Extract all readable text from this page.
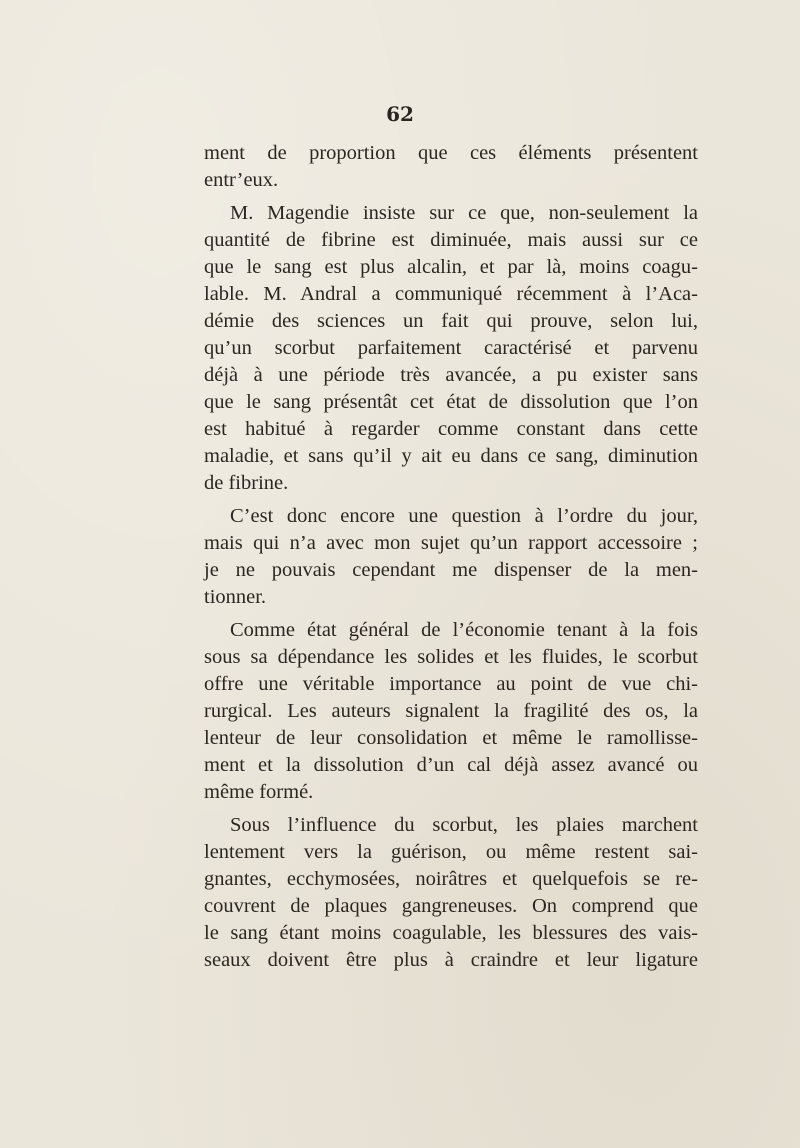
62
ment de proportion que ces éléments présentent
entr’eux.
M. Magendie insiste sur ce que, non-seulement la
quantité de fibrine est diminuée, mais aussi sur ce
que le sang est plus alcalin, et par là, moins coagu-
lable. M. Andral a communiqué récemment à l’Aca-
démie des sciences un fait qui prouve, selon lui,
qu’un scorbut parfaitement caractérisé et parvenu
déjà à une période très avancée, a pu exister sans
que le sang présentât cet état de dissolution que l’on
est habitué à regarder comme constant dans cette
maladie, et sans qu’il y ait eu dans ce sang, diminution
de fibrine.
C’est donc encore une question à l’ordre du jour,
mais qui n’a avec mon sujet qu’un rapport accessoire ;
je ne pouvais cependant me dispenser de la men-
tionner.
Comme état général de l’économie tenant à la fois
sous sa dépendance les solides et les fluides, le scorbut
offre une véritable importance au point de vue chi-
rurgical. Les auteurs signalent la fragilité des os, la
lenteur de leur consolidation et même le ramollisse-
ment et la dissolution d’un cal déjà assez avancé ou
même formé.
Sous l’influence du scorbut, les plaies marchent
lentement vers la guérison, ou même restent sai-
gnantes, ecchymosées, noirâtres et quelquefois se re-
couvrent de plaques gangreneuses. On comprend que
le sang étant moins coagulable, les blessures des vais-
seaux doivent être plus à craindre et leur ligature
